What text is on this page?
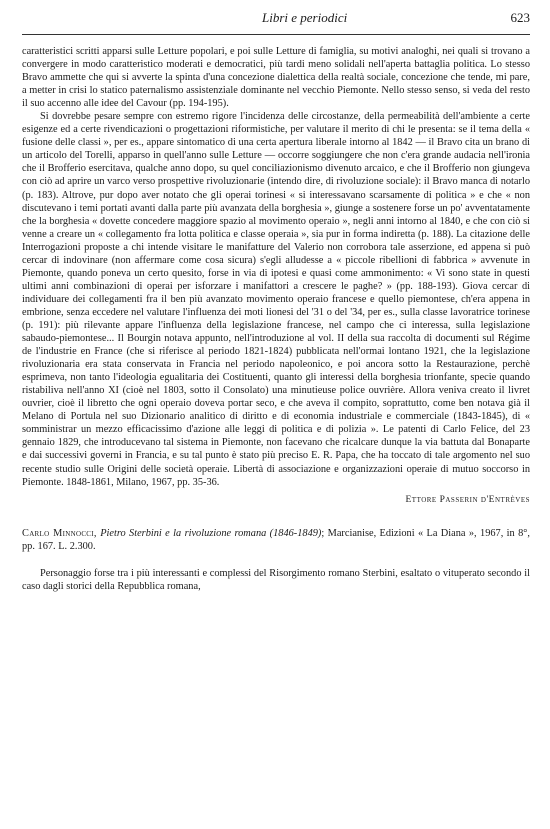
Libri e periodici	623

caratteristici scritti apparsi sulle Letture popolari, e poi sulle Letture di famiglia, su motivi analoghi, nei quali si trovano a convergere in modo caratteristico moderati e democratici, più tardi meno solidali nell'aperta battaglia politica. Lo stesso Bravo ammette che qui si avverte la spinta d'una concezione dialettica della realtà sociale, concezione che tende, mi pare, a metter in crisi lo statico paternalismo assistenziale dominante nel vecchio Piemonte. Nello stesso senso, si veda del resto il suo accenno alle idee del Cavour (pp. 194-195).

Si dovrebbe pesare sempre con estremo rigore l'incidenza delle circostanze, della permeabilità dell'ambiente a certe esigenze ed a certe rivendicazioni o progettazioni riformistiche, per valutare il merito di chi le presenta: se il tema della « fusione delle classi », per es., appare sintomatico di una certa apertura liberale intorno al 1842 — il Bravo cita un brano di un articolo del Torelli, apparso in quell'anno sulle Letture — occorre soggiungere che non c'era grande audacia nell'ironia che il Brofferio esercitava, qualche anno dopo, su quel conciliazionismo divenuto arcaico, e che il Brofferio non giungeva con ciò ad aprire un varco verso prospettive rivoluzionarie (intendo dire, di rivoluzione sociale): il Bravo manca di notarlo (p. 183). Altrove, pur dopo aver notato che gli operai torinesi « si interessavano scarsamente di politica » e che « non discutevano i temi portati avanti dalla parte più avanzata della borghesia », giunge a sostenere forse un po' avventatamente che la borghesia « dovette concedere maggiore spazio al movimento operaio », negli anni intorno al 1840, e che con ciò si venne a creare un « collegamento fra lotta politica e classe operaia », sia pur in forma indiretta (p. 188). La citazione delle Interrogazioni proposte a chi intende visitare le manifatture del Valerio non corrobora tale asserzione, ed appena si può cercar di indovinare (non affermare come cosa sicura) s'egli alludesse a « piccole ribellioni di fabbrica » avvenute in Piemonte, quando poneva un certo quesito, forse in via di ipotesi e quasi come ammonimento: « Vi sono state in questi ultimi anni combinazioni di operai per isforzare i manifattori a crescere le paghe? » (pp. 188-193). Giova cercar di individuare dei collegamenti fra il ben più avanzato movimento operaio francese e quello piemontese, ch'era appena in embrione, senza eccedere nel valutare l'influenza dei moti lionesi del '31 o del '34, per es., sulla classe lavoratrice torinese (p. 191): più rilevante appare l'influenza della legislazione francese, nel campo che ci interessa, sulla legislazione sabaudo-piemontese... Il Bourgin notava appunto, nell'introduzione al vol. II della sua raccolta di documenti sul Régime de l'industrie en France (che si riferisce al periodo 1821-1824) pubblicata nell'ormai lontano 1921, che la legislazione rivoluzionaria era stata conservata in Francia nel periodo napoleonico, e poi ancora sotto la Restaurazione, perchè esprimeva, non tanto l'ideologia egualitaria dei Costituenti, quanto gli interessi della borghesia trionfante, specie quando ristabiliva nell'anno XI (cioè nel 1803, sotto il Consolato) una minutieuse police ouvrière. Allora veniva creato il livret ouvrier, cioè il libretto che ogni operaio doveva portar seco, e che aveva il compito, soprattutto, come ben notava già il Melano di Portula nel suo Dizionario analitico di diritto e di economia industriale e commerciale (1843-1845), di « somministrar un mezzo efficacissimo d'azione alle leggi di politica e di polizia ». Le patenti di Carlo Felice, del 23 gennaio 1829, che introducevano tal sistema in Piemonte, non facevano che ricalcare dunque la via battuta dal Bonaparte e dai successivi governi in Francia, e su tal punto è stato più preciso E. R. Papa, che ha toccato di tale argomento nel suo recente studio sulle Origini delle società operaie. Libertà di associazione e organizzazioni operaie di mutuo soccorso in Piemonte. 1848-1861, Milano, 1967, pp. 35-36.

Ettore Passerin d'Entrèves
Carlo Minnocci, Pietro Sterbini e la rivoluzione romana (1846-1849); Marcianise, Edizioni « La Diana », 1967, in 8°, pp. 167. L. 2.300.
Personaggio forse tra i più interessanti e complessi del Risorgimento romano Sterbini, esaltato o vituperato secondo il caso dagli storici della Repubblica romana,
